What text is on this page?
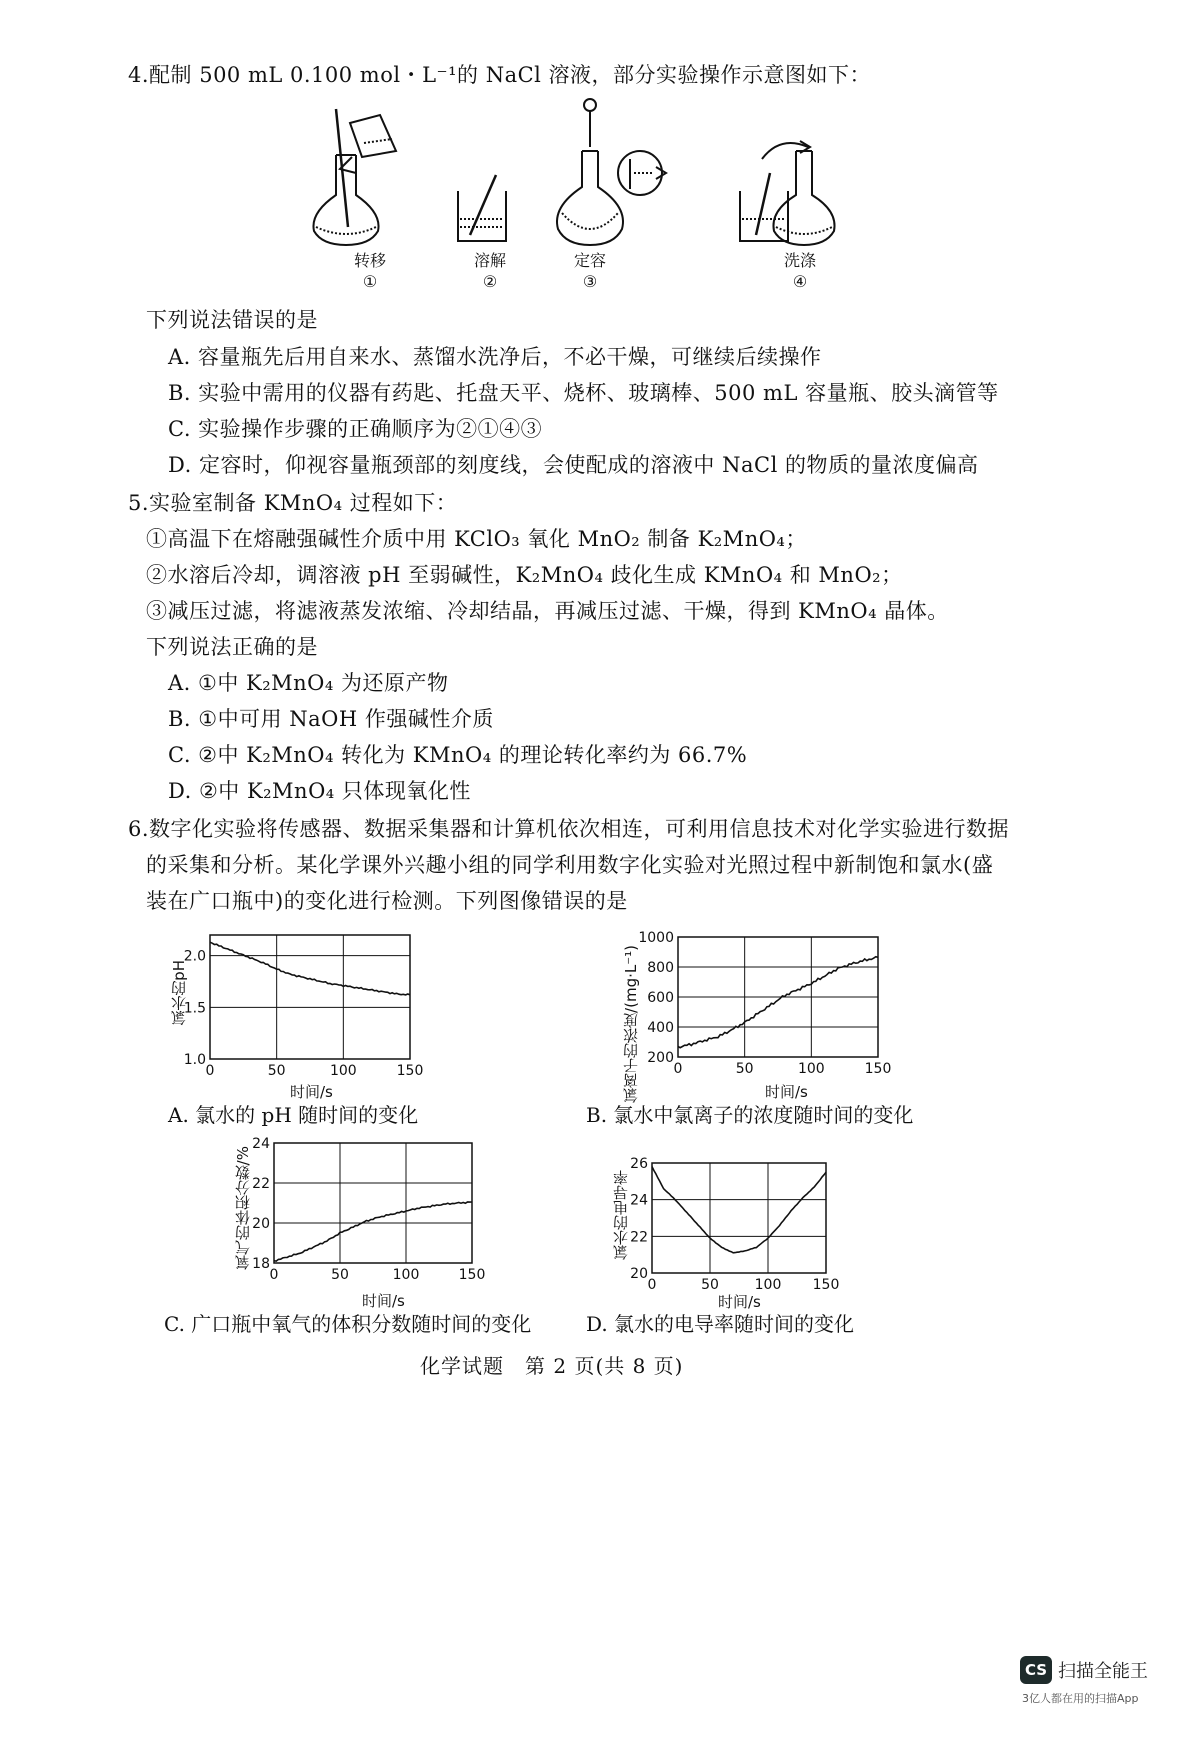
4.配制 500 mL 0.100 mol・L⁻¹的 NaCl 溶液，部分实验操作示意图如下：
转移
①
溶解
②
定容
③
洗涤
④
下列说法错误的是
A. 容量瓶先后用自来水、蒸馏水洗净后，不必干燥，可继续后续操作
B. 实验中需用的仪器有药匙、托盘天平、烧杯、玻璃棒、500 mL 容量瓶、胶头滴管等
C. 实验操作步骤的正确顺序为②①④③
D. 定容时，仰视容量瓶颈部的刻度线，会使配成的溶液中 NaCl 的物质的量浓度偏高
5.实验室制备 KMnO₄ 过程如下：
①高温下在熔融强碱性介质中用 KClO₃ 氧化 MnO₂ 制备 K₂MnO₄；
②水溶后冷却，调溶液 pH 至弱碱性，K₂MnO₄ 歧化生成 KMnO₄ 和 MnO₂；
③减压过滤，将滤液蒸发浓缩、冷却结晶，再减压过滤、干燥，得到 KMnO₄ 晶体。
下列说法正确的是
A. ①中 K₂MnO₄ 为还原产物
B. ①中可用 NaOH 作强碱性介质
C. ②中 K₂MnO₄ 转化为 KMnO₄ 的理论转化率约为 66.7%
D. ②中 K₂MnO₄ 只体现氧化性
6.数字化实验将传感器、数据采集器和计算机依次相连，可利用信息技术对化学实验进行数据
的采集和分析。某化学课外兴趣小组的同学利用数字化实验对光照过程中新制饱和氯水(盛
装在广口瓶中)的变化进行检测。下列图像错误的是
0	50	100	150
1.0
1.5
2.0
氯水的pH
时间/s
A. 氯水的 pH 随时间的变化
0	50	100	150
200
400
600
800
1000
氯离子的浓度/(mg·L⁻¹)	时间/s
B. 氯水中氯离子的浓度随时间的变化
0	50	100	150
18
20
22
24
氧气的体积分数/%
时间/s
C. 广口瓶中氧气的体积分数随时间的变化
0	50	100 150
20
22
24
26
氯水的电导率
时间/s
D. 氯水的电导率随时间的变化
化学试题　第 2 页(共 8 页)
CS 扫描全能王
3亿人都在用的扫描App
